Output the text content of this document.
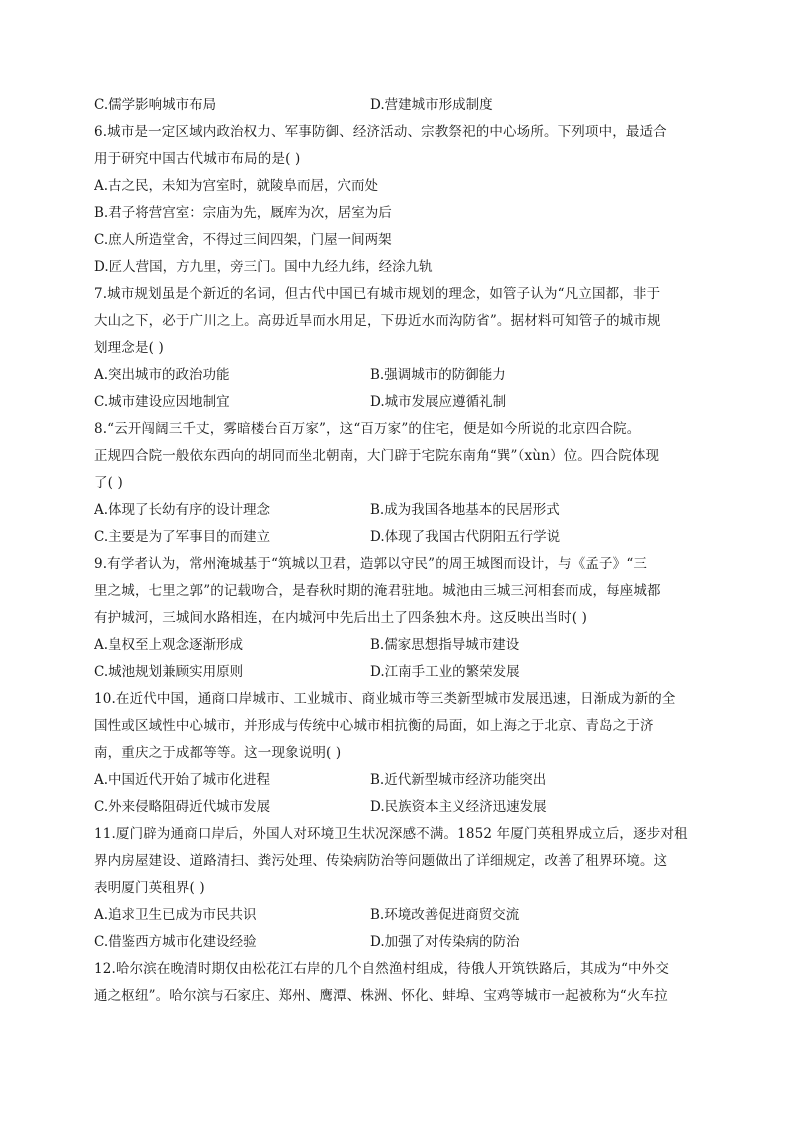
C.儒学影响城市布局	D.营建城市形成制度
6.城市是一定区域内政治权力、军事防御、经济活动、宗教祭祀的中心场所。下列项中，最适合
用于研究中国古代城市布局的是( )
A.古之民，未知为宫室时，就陵阜而居，穴而处
B.君子将营宫室：宗庙为先，厩库为次，居室为后
C.庶人所造堂舍，不得过三间四架，门屋一间两架
D.匠人营国，方九里，旁三门。国中九经九纬，经涂九轨
7.城市规划虽是个新近的名词，但古代中国已有城市规划的理念，如管子认为“凡立国都，非于
大山之下，必于广川之上。高毋近旱而水用足，下毋近水而沟防省”。据材料可知管子的城市规
划理念是( )
A.突出城市的政治功能	B.强调城市的防御能力
C.城市建设应因地制宜	D.城市发展应遵循礼制
8.“云开闯阔三千丈，雾暗楼台百万家”，这“百万家”的住宅，便是如今所说的北京四合院。
正规四合院一般依东西向的胡同而坐北朝南，大门辟于宅院东南角“巽”（xùn）位。四合院体现
了( )
A.体现了长幼有序的设计理念	B.成为我国各地基本的民居形式
C.主要是为了军事目的而建立	D.体现了我国古代阴阳五行学说
9.有学者认为，常州淹城基于“筑城以卫君，造郭以守民”的周王城图而设计，与《孟子》“三
里之城，七里之郭”的记载吻合，是春秋时期的淹君驻地。城池由三城三河相套而成，每座城都
有护城河，三城间水路相连，在内城河中先后出土了四条独木舟。这反映出当时( )
A.皇权至上观念逐渐形成	B.儒家思想指导城市建设
C.城池规划兼顾实用原则	D.江南手工业的繁荣发展
10.在近代中国，通商口岸城市、工业城市、商业城市等三类新型城市发展迅速，日渐成为新的全
国性或区域性中心城市，并形成与传统中心城市相抗衡的局面，如上海之于北京、青岛之于济
南，重庆之于成都等等。这一现象说明( )
A.中国近代开始了城市化进程	B.近代新型城市经济功能突出
C.外来侵略阻碍近代城市发展	D.民族资本主义经济迅速发展
11.厦门辟为通商口岸后，外国人对环境卫生状况深感不满。1852 年厦门英租界成立后，逐步对租
界内房屋建设、道路清扫、粪污处理、传染病防治等问题做出了详细规定，改善了租界环境。这
表明厦门英租界( )
A.追求卫生已成为市民共识	B.环境改善促进商贸交流
C.借鉴西方城市化建设经验	D.加强了对传染病的防治
12.哈尔滨在晚清时期仅由松花江右岸的几个自然渔村组成，待俄人开筑铁路后，其成为“中外交
通之枢纽”。哈尔滨与石家庄、郑州、鹰潭、株洲、怀化、蚌埠、宝鸡等城市一起被称为“火车拉
